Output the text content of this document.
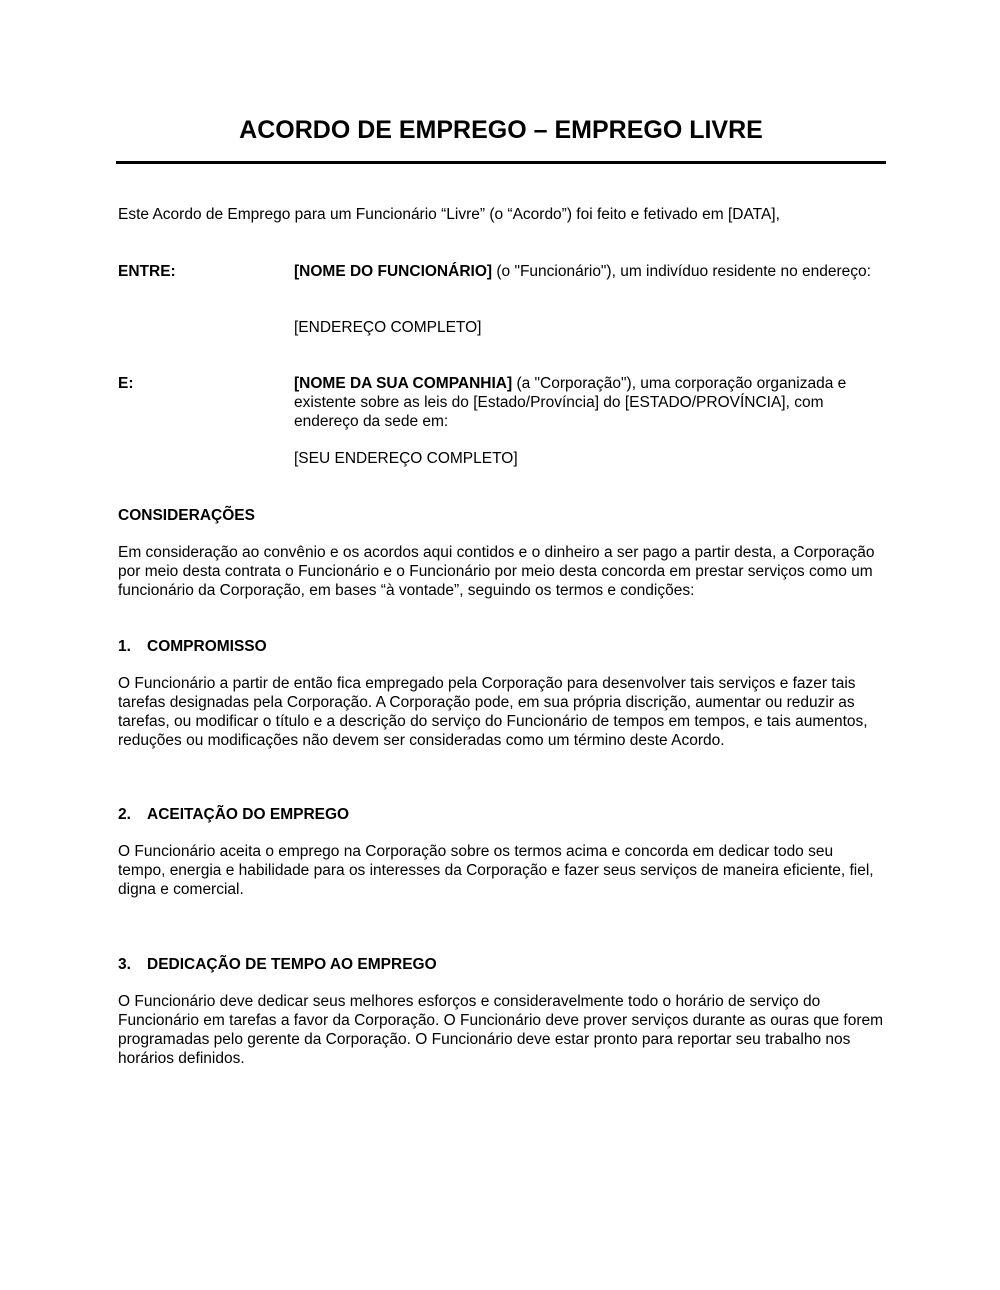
ACORDO DE EMPREGO – EMPREGO LIVRE

Este Acordo de Emprego para um Funcionário “Livre” (o “Acordo”) foi feito e fetivado em [DATA],

ENTRE:	[NOME DO FUNCIONÁRIO] (o "Funcionário"), um indivíduo residente no endereço:

[ENDEREÇO COMPLETO]

E:	[NOME DA SUA COMPANHIA] (a "Corporação"), uma corporação organizada e existente sobre as leis do [Estado/Província] do [ESTADO/PROVÍNCIA], com endereço da sede em:

[SEU ENDEREÇO COMPLETO]

CONSIDERAÇÕES

Em consideração ao convênio e os acordos aqui contidos e o dinheiro a ser pago a partir desta, a Corporação por meio desta contrata o Funcionário e o Funcionário por meio desta concorda em prestar serviços como um funcionário da Corporação, em bases “à vontade”, seguindo os termos e condições:

1.	COMPROMISSO

O Funcionário a partir de então fica empregado pela Corporação para desenvolver tais serviços e fazer tais tarefas designadas pela Corporação. A Corporação pode, em sua própria discrição, aumentar ou reduzir as tarefas, ou modificar o título e a descrição do serviço do Funcionário de tempos em tempos, e tais aumentos, reduções ou modificações não devem ser consideradas como um término deste Acordo.

2.	ACEITAÇÃO DO EMPREGO

O Funcionário aceita o emprego na Corporação sobre os termos acima e concorda em dedicar todo seu tempo, energia e habilidade para os interesses da Corporação e fazer seus serviços de maneira eficiente, fiel, digna e comercial.

3.	DEDICAÇÃO DE TEMPO AO EMPREGO

O Funcionário deve dedicar seus melhores esforços e consideravelmente todo o horário de serviço do Funcionário em tarefas a favor da Corporação. O Funcionário deve prover serviços durante as ouras que forem programadas pelo gerente da Corporação. O Funcionário deve estar pronto para reportar seu trabalho nos horários definidos.
